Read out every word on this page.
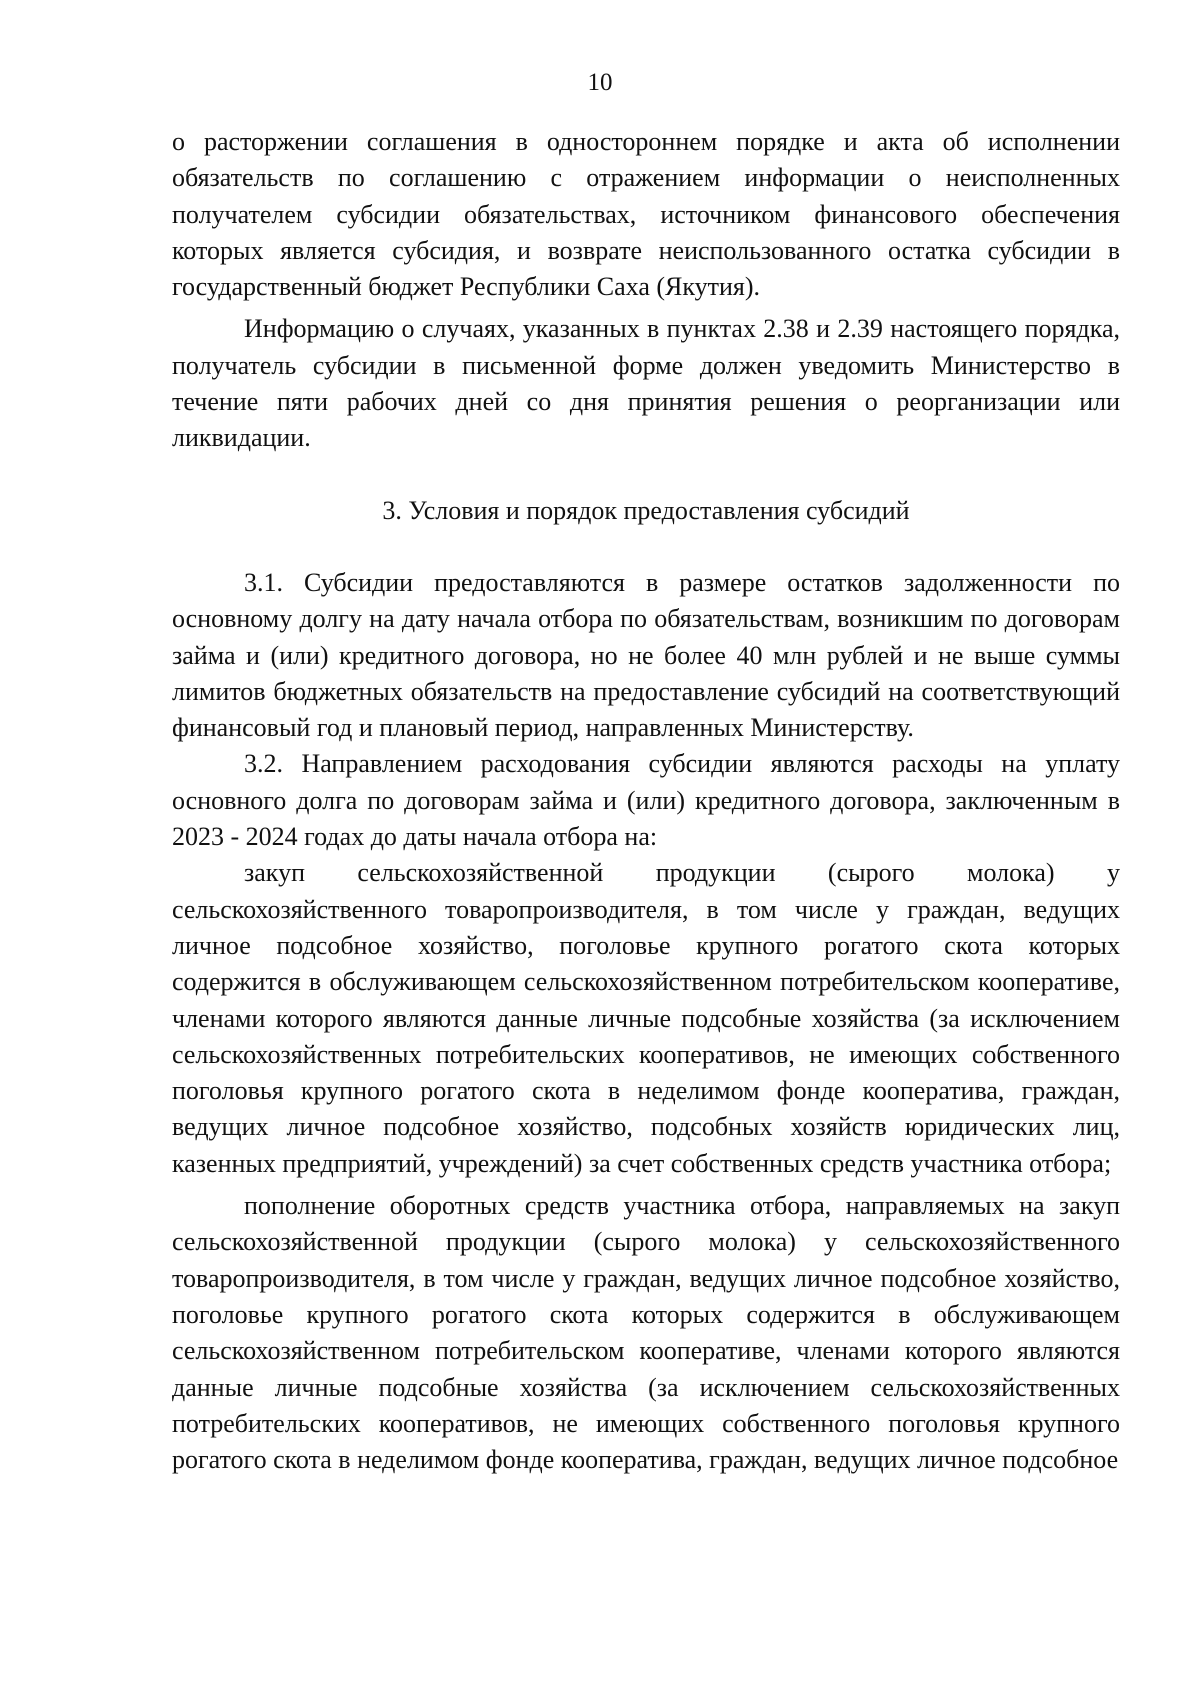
10

о расторжении соглашения в одностороннем порядке и акта об исполнении обязательств по соглашению с отражением информации о неисполненных получателем субсидии обязательствах, источником финансового обеспечения которых является субсидия, и возврате неиспользованного остатка субсидии в государственный бюджет Республики Саха (Якутия).

Информацию о случаях, указанных в пунктах 2.38 и 2.39 настоящего порядка, получатель субсидии в письменной форме должен уведомить Министерство в течение пяти рабочих дней со дня принятия решения о реорганизации или ликвидации.

3. Условия и порядок предоставления субсидий

3.1. Субсидии предоставляются в размере остатков задолженности по основному долгу на дату начала отбора по обязательствам, возникшим по договорам займа и (или) кредитного договора, но не более 40 млн рублей и не выше суммы лимитов бюджетных обязательств на предоставление субсидий на соответствующий финансовый год и плановый период, направленных Министерству.

3.2. Направлением расходования субсидии являются расходы на уплату основного долга по договорам займа и (или) кредитного договора, заключенным в 2023 - 2024 годах до даты начала отбора на:

закуп сельскохозяйственной продукции (сырого молока) у сельскохозяйственного товаропроизводителя, в том числе у граждан, ведущих личное подсобное хозяйство, поголовье крупного рогатого скота которых содержится в обслуживающем сельскохозяйственном потребительском кооперативе, членами которого являются данные личные подсобные хозяйства (за исключением сельскохозяйственных потребительских кооперативов, не имеющих собственного поголовья крупного рогатого скота в неделимом фонде кооператива, граждан, ведущих личное подсобное хозяйство, подсобных хозяйств юридических лиц, казенных предприятий, учреждений) за счет собственных средств участника отбора;

пополнение оборотных средств участника отбора, направляемых на закуп сельскохозяйственной продукции (сырого молока) у сельскохозяйственного товаропроизводителя, в том числе у граждан, ведущих личное подсобное хозяйство, поголовье крупного рогатого скота которых содержится в обслуживающем сельскохозяйственном потребительском кооперативе, членами которого являются данные личные подсобные хозяйства (за исключением сельскохозяйственных потребительских кооперативов, не имеющих собственного поголовья крупного рогатого скота в неделимом фонде кооператива, граждан, ведущих личное подсобное
